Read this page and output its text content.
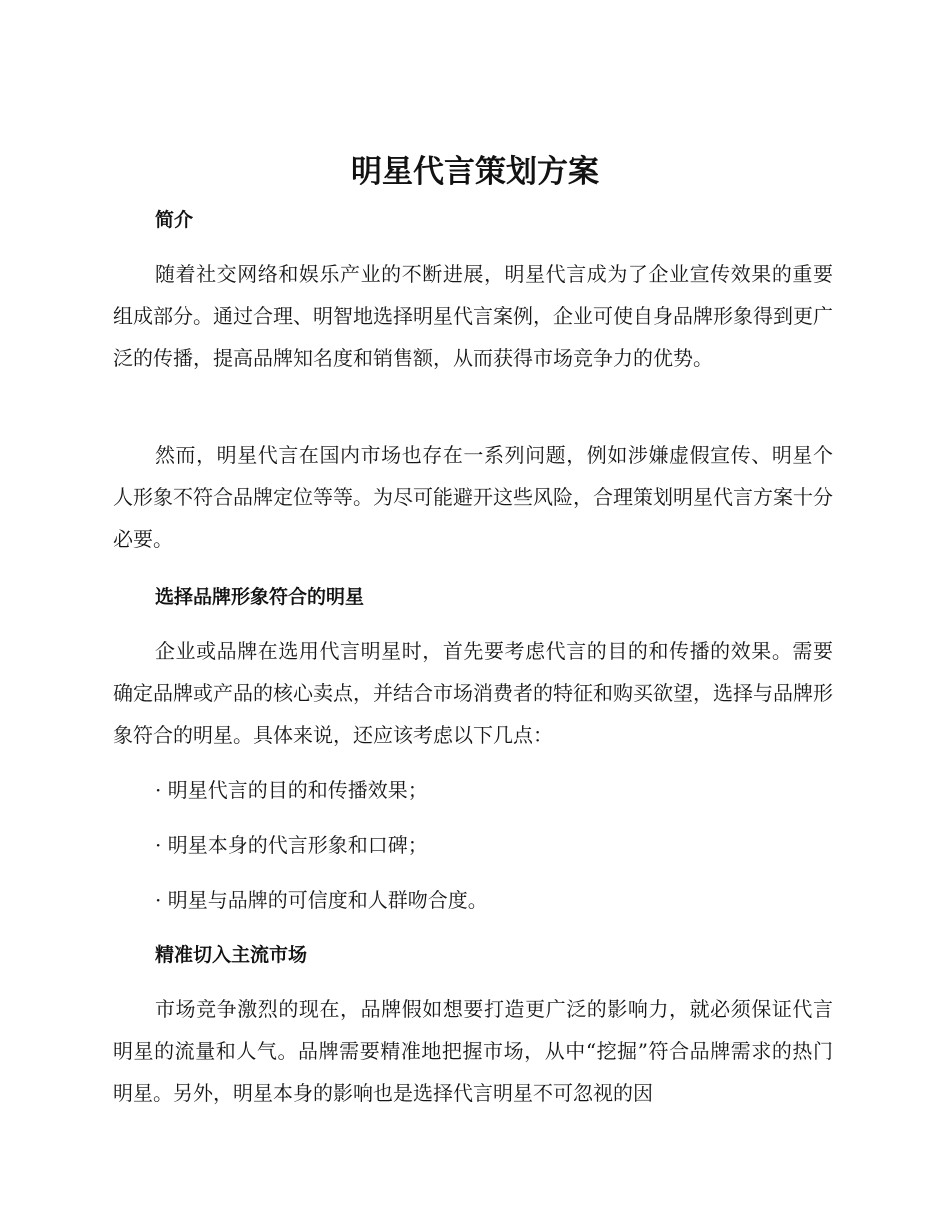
明星代言策划方案
简介

随着社交网络和娱乐产业的不断进展，明星代言成为了企业宣传效果的重要组成部分。通过合理、明智地选择明星代言案例，企业可使自身品牌形象得到更广泛的传播，提高品牌知名度和销售额，从而获得市场竞争力的优势。

然而，明星代言在国内市场也存在一系列问题，例如涉嫌虚假宣传、明星个人形象不符合品牌定位等等。为尽可能避开这些风险，合理策划明星代言方案十分必要。

选择品牌形象符合的明星

企业或品牌在选用代言明星时，首先要考虑代言的目的和传播的效果。需要确定品牌或产品的核心卖点，并结合市场消费者的特征和购买欲望，选择与品牌形象符合的明星。具体来说，还应该考虑以下几点：

· 明星代言的目的和传播效果；

· 明星本身的代言形象和口碑；

· 明星与品牌的可信度和人群吻合度。

精准切入主流市场

市场竞争激烈的现在，品牌假如想要打造更广泛的影响力，就必须保证代言明星的流量和人气。品牌需要精准地把握市场，从中“挖掘”符合品牌需求的热门明星。另外，明星本身的影响也是选择代言明星不可忽视的因
